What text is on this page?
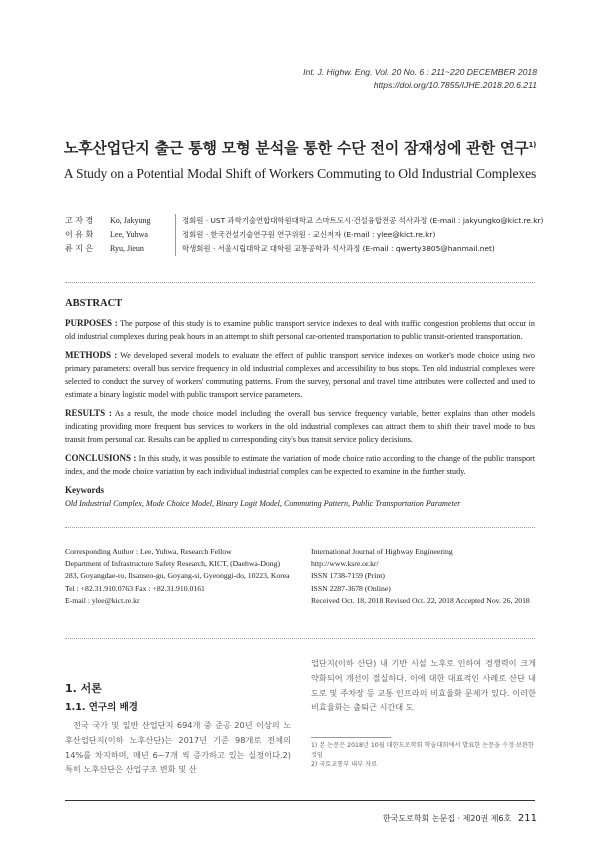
Int. J. Highw. Eng. Vol. 20 No. 6 : 211~220 DECEMBER 2018
https://doi.org/10.7855/IJHE.2018.20.6.211
노후산업단지 출근 통행 모형 분석을 통한 수단 전이 잠재성에 관한 연구$^{1)}$
A Study on a Potential Modal Shift of Workers Commuting to Old Industrial Complexes
고 자 경	Ko, Jakyung	정회원 · UST 과학기술연합대학원대학교 스마트도시·건설융합전공 석사과정 (E-mail : jakyungko@kict.re.kr)
이 유 화	Lee, Yuhwa	정회원 · 한국건설기술연구원 연구위원 · 교신저자 (E-mail : ylee@kict.re.kr)
류 지 은	Ryu, Jieun	학생회원 · 서울시립대학교 대학원 교통공학과 석사과정 (E-mail : qwerty3805@hanmail.net)
ABSTRACT

PURPOSES : The purpose of this study is to examine public transport service indexes to deal with traffic congestion problems that occur in old industrial complexes during peak hours in an attempt to shift personal car-oriented transportation to public transit-oriented transportation.

METHODS : We developed several models to evaluate the effect of public transport service indexes on worker's mode choice using two primary parameters: overall bus service frequency in old industrial complexes and accessibility to bus stops. Ten old industrial complexes were selected to conduct the survey of workers' commuting patterns. From the survey, personal and travel time attributes were collected and used to estimate a binary logistic model with public transport service parameters.

RESULTS : As a result, the mode choice model including the overall bus service frequency variable, better explains than other models indicating providing more frequent bus services to workers in the old industrial complexes can attract them to shift their travel mode to bus transit from personal car. Results can be applied to corresponding city's bus transit service policy decisions.

CONCLUSIONS : In this study, it was possible to estimate the variation of mode choice ratio according to the change of the public transport index, and the mode choice variation by each individual industrial complex can be expected to examine in the further study.

Keywords

Old Industrial Complex, Mode Choice Model, Binary Logit Model, Commuting Pattern, Public Transportation Parameter

Corresponding Author : Lee, Yuhwa, Research Fellow
Department of Infrastructure Safety Research, KICT, (Daehwa-Dong)
283, Goyangdae-ro, Ilsanseo-gu, Goyang-si, Gyeonggi-do, 10223, Korea
Tel : +82.31.910.0763 Fax : +82.31.910.0161
E-mail : ylee@kict.re.kr
International Journal of Highway Engineering
http://www.ksre.or.kr/
ISSN 1738-7159 (Print)
ISSN 2287-3678 (Online)
Received Oct. 18, 2018 Revised Oct. 22, 2018 Accepted Nov. 26, 2018

1. 서론

1.1. 연구의 배경

전국 국가 및 일반 산업단지 694개 중 준공 20년 이상의 노후산업단지(이하 노후산단)는 2017년 기준 98개로 전체의 14%를 차지하며, 매년 6~7개 씩 증가하고 있는 실정이다.2) 특히 노후산단은 산업구조 변화 및 산

업단지(이하 산단) 내 기반 시설 노후로 인하여 경쟁력이 크게 약화되어 개선이 절실하다. 이에 대한 대표적인 사례로 산단 내 도로 및 주차장 등 교통 인프라의 비효율화 문제가 있다. 이러한 비효율화는 출퇴근 시간대 도

1) 본 논문은 2018년 10월 대한도로학회 학술대회에서 발표한 논문을 수정·보완한 것임
2) 국토교통부 내부 자료
한국도로학회 논문집 · 제20권 제6호 211
